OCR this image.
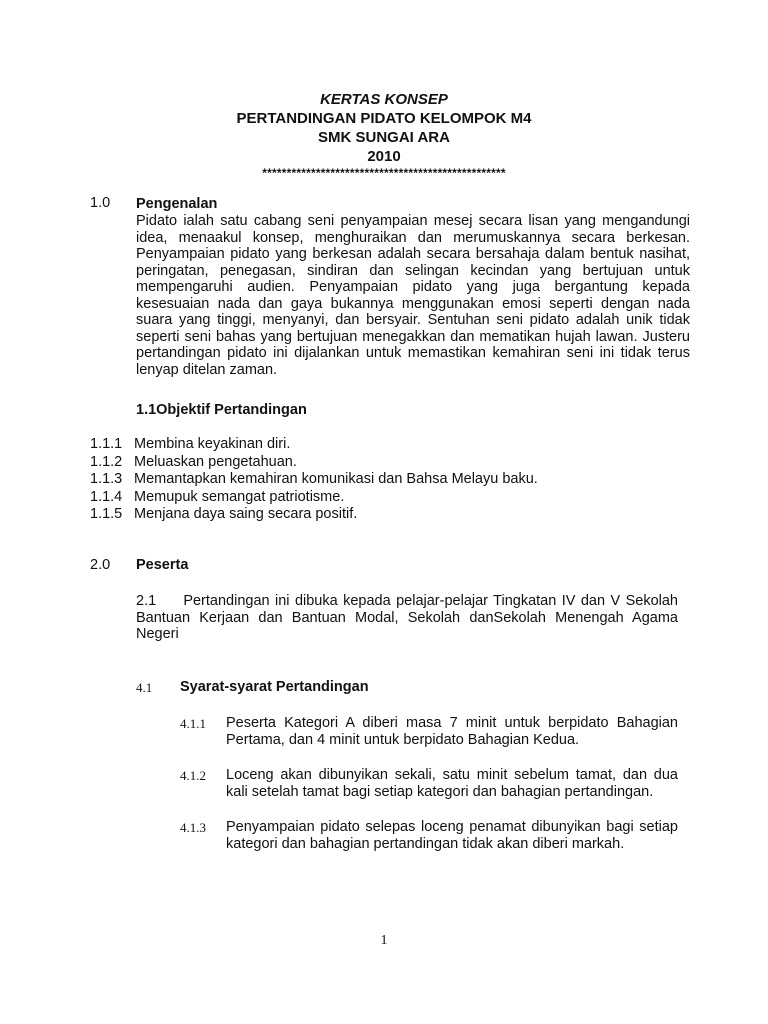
KERTAS KONSEP
PERTANDINGAN PIDATO KELOMPOK M4
SMK SUNGAI ARA
2010
**************************************************
1.0 Pengenalan
Pidato ialah satu cabang seni penyampaian mesej secara lisan yang mengandungi idea, menaakul konsep, menghuraikan dan merumuskannya secara berkesan. Penyampaian pidato yang berkesan adalah secara bersahaja dalam bentuk nasihat, peringatan, penegasan, sindiran dan selingan kecindan yang bertujuan untuk mempengaruhi audien. Penyampaian pidato yang juga bergantung kepada kesesuaian nada dan gaya bukannya menggunakan emosi seperti dengan nada suara yang tinggi, menyanyi, dan bersyair. Sentuhan seni pidato adalah unik tidak seperti seni bahas yang bertujuan menegakkan dan mematikan hujah lawan. Justeru pertandingan pidato ini dijalankan untuk memastikan kemahiran seni ini tidak terus lenyap ditelan zaman.
1.1Objektif Pertandingan
1.1.1 Membina keyakinan diri.
1.1.2 Meluaskan pengetahuan.
1.1.3 Memantapkan kemahiran komunikasi dan Bahsa Melayu baku.
1.1.4 Memupuk semangat patriotisme.
1.1.5 Menjana daya saing secara positif.
2.0 Peserta
2.1     Pertandingan ini dibuka kepada pelajar-pelajar Tingkatan IV dan V Sekolah Bantuan Kerjaan dan Bantuan Modal, Sekolah danSekolah Menengah Agama Negeri
4.1 Syarat-syarat Pertandingan
4.1.1 Peserta Kategori A diberi masa 7 minit untuk berpidato Bahagian Pertama, dan 4 minit untuk berpidato Bahagian Kedua.
4.1.2 Loceng akan dibunyikan sekali, satu minit sebelum tamat, dan dua kali setelah tamat bagi setiap kategori dan bahagian pertandingan.
4.1.3 Penyampaian pidato selepas loceng penamat dibunyikan bagi setiap kategori dan bahagian pertandingan tidak akan diberi markah.
1
